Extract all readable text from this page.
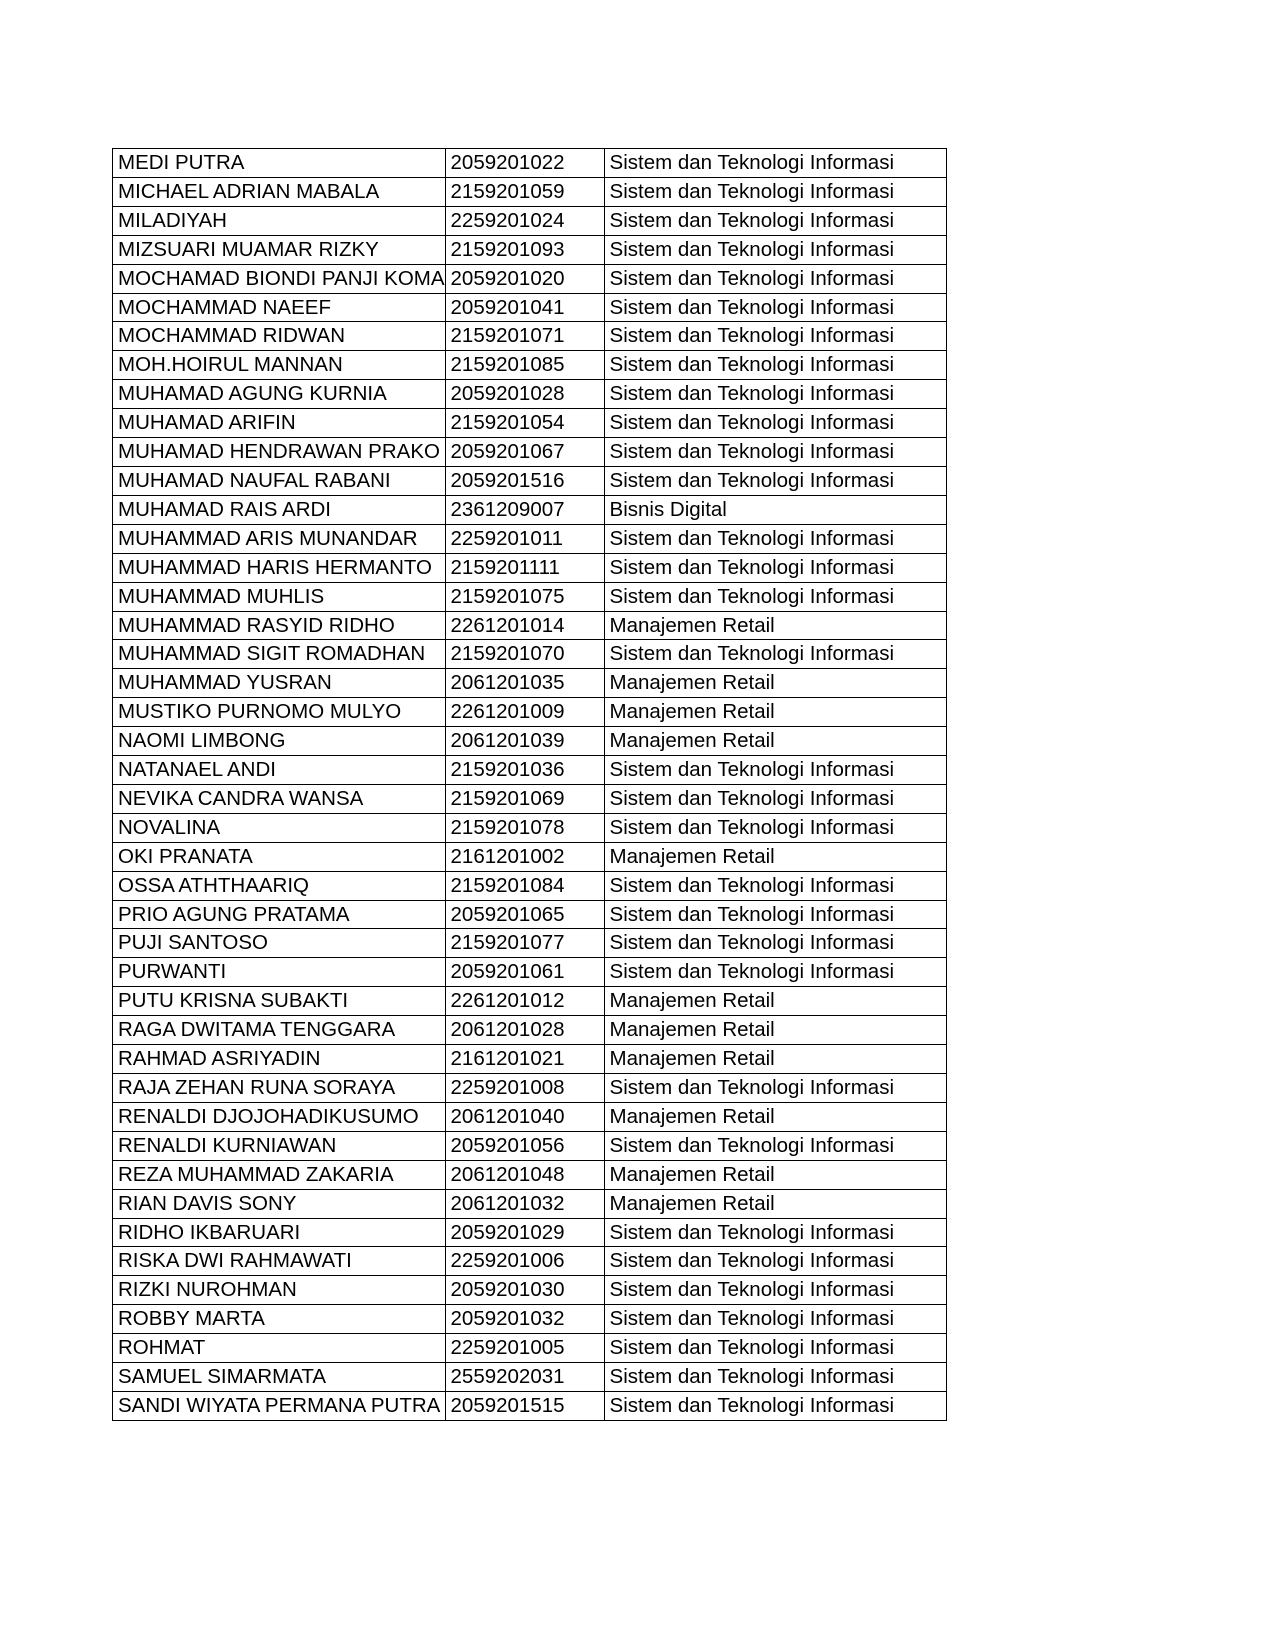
MEDI PUTRA	2059201022	Sistem dan Teknologi Informasi
MICHAEL ADRIAN MABALA	2159201059	Sistem dan Teknologi Informasi
MILADIYAH	2259201024	Sistem dan Teknologi Informasi
MIZSUARI MUAMAR RIZKY	2159201093	Sistem dan Teknologi Informasi
MOCHAMAD BIONDI PANJI KOMA	2059201020	Sistem dan Teknologi Informasi
MOCHAMMAD NAEEF	2059201041	Sistem dan Teknologi Informasi
MOCHAMMAD RIDWAN	2159201071	Sistem dan Teknologi Informasi
MOH.HOIRUL MANNAN	2159201085	Sistem dan Teknologi Informasi
MUHAMAD AGUNG KURNIA	2059201028	Sistem dan Teknologi Informasi
MUHAMAD ARIFIN	2159201054	Sistem dan Teknologi Informasi
MUHAMAD HENDRAWAN PRAKO	2059201067	Sistem dan Teknologi Informasi
MUHAMAD NAUFAL RABANI	2059201516	Sistem dan Teknologi Informasi
MUHAMAD RAIS ARDI	2361209007	Bisnis Digital
MUHAMMAD ARIS MUNANDAR	2259201011	Sistem dan Teknologi Informasi
MUHAMMAD HARIS HERMANTO	2159201111	Sistem dan Teknologi Informasi
MUHAMMAD MUHLIS	2159201075	Sistem dan Teknologi Informasi
MUHAMMAD RASYID RIDHO	2261201014	Manajemen Retail
MUHAMMAD SIGIT ROMADHAN	2159201070	Sistem dan Teknologi Informasi
MUHAMMAD YUSRAN	2061201035	Manajemen Retail
MUSTIKO PURNOMO MULYO	2261201009	Manajemen Retail
NAOMI LIMBONG	2061201039	Manajemen Retail
NATANAEL ANDI	2159201036	Sistem dan Teknologi Informasi
NEVIKA CANDRA WANSA	2159201069	Sistem dan Teknologi Informasi
NOVALINA	2159201078	Sistem dan Teknologi Informasi
OKI PRANATA	2161201002	Manajemen Retail
OSSA ATHTHAARIQ	2159201084	Sistem dan Teknologi Informasi
PRIO AGUNG PRATAMA	2059201065	Sistem dan Teknologi Informasi
PUJI SANTOSO	2159201077	Sistem dan Teknologi Informasi
PURWANTI	2059201061	Sistem dan Teknologi Informasi
PUTU KRISNA SUBAKTI	2261201012	Manajemen Retail
RAGA DWITAMA TENGGARA	2061201028	Manajemen Retail
RAHMAD ASRIYADIN	2161201021	Manajemen Retail
RAJA ZEHAN RUNA SORAYA	2259201008	Sistem dan Teknologi Informasi
RENALDI DJOJOHADIKUSUMO	2061201040	Manajemen Retail
RENALDI KURNIAWAN	2059201056	Sistem dan Teknologi Informasi
REZA MUHAMMAD ZAKARIA	2061201048	Manajemen Retail
RIAN DAVIS SONY	2061201032	Manajemen Retail
RIDHO IKBARUARI	2059201029	Sistem dan Teknologi Informasi
RISKA DWI RAHMAWATI	2259201006	Sistem dan Teknologi Informasi
RIZKI NUROHMAN	2059201030	Sistem dan Teknologi Informasi
ROBBY MARTA	2059201032	Sistem dan Teknologi Informasi
ROHMAT	2259201005	Sistem dan Teknologi Informasi
SAMUEL SIMARMATA	2559202031	Sistem dan Teknologi Informasi
SANDI WIYATA PERMANA PUTRA	2059201515	Sistem dan Teknologi Informasi
